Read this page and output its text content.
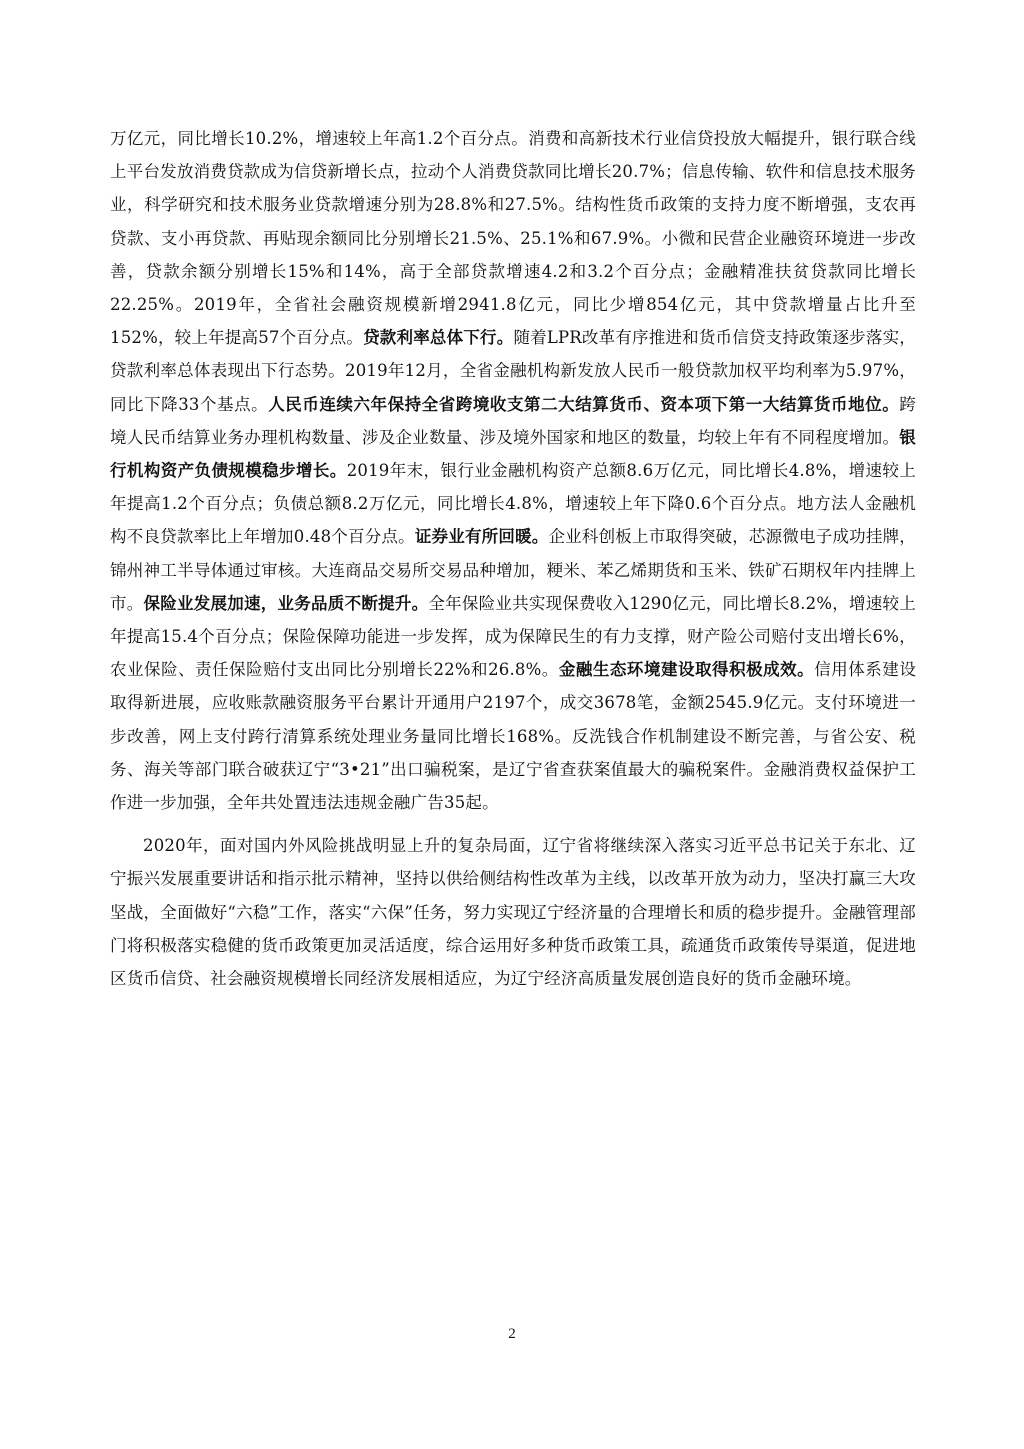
万亿元，同比增长10.2%，增速较上年高1.2个百分点。消费和高新技术行业信贷投放大幅提升，银行联合线上平台发放消费贷款成为信贷新增长点，拉动个人消费贷款同比增长20.7%；信息传输、软件和信息技术服务业，科学研究和技术服务业贷款增速分别为28.8%和27.5%。结构性货币政策的支持力度不断增强，支农再贷款、支小再贷款、再贴现余额同比分别增长21.5%、25.1%和67.9%。小微和民营企业融资环境进一步改善，贷款余额分别增长15%和14%，高于全部贷款增速4.2和3.2个百分点；金融精准扶贫贷款同比增长22.25%。2019年，全省社会融资规模新增2941.8亿元，同比少增854亿元，其中贷款增量占比升至152%，较上年提高57个百分点。贷款利率总体下行。随着LPR改革有序推进和货币信贷支持政策逐步落实，贷款利率总体表现出下行态势。2019年12月，全省金融机构新发放人民币一般贷款加权平均利率为5.97%，同比下降33个基点。人民币连续六年保持全省跨境收支第二大结算货币、资本项下第一大结算货币地位。跨境人民币结算业务办理机构数量、涉及企业数量、涉及境外国家和地区的数量，均较上年有不同程度增加。银行机构资产负债规模稳步增长。2019年末，银行业金融机构资产总额8.6万亿元，同比增长4.8%，增速较上年提高1.2个百分点；负债总额8.2万亿元，同比增长4.8%，增速较上年下降0.6个百分点。地方法人金融机构不良贷款率比上年增加0.48个百分点。证券业有所回暖。企业科创板上市取得突破，芯源微电子成功挂牌，锦州神工半导体通过审核。大连商品交易所交易品种增加，粳米、苯乙烯期货和玉米、铁矿石期权年内挂牌上市。保险业发展加速，业务品质不断提升。全年保险业共实现保费收入1290亿元，同比增长8.2%，增速较上年提高15.4个百分点；保险保障功能进一步发挥，成为保障民生的有力支撑，财产险公司赔付支出增长6%，农业保险、责任保险赔付支出同比分别增长22%和26.8%。金融生态环境建设取得积极成效。信用体系建设取得新进展，应收账款融资服务平台累计开通用户2197个，成交3678笔，金额2545.9亿元。支付环境进一步改善，网上支付跨行清算系统处理业务量同比增长168%。反洗钱合作机制建设不断完善，与省公安、税务、海关等部门联合破获辽宁“3•21”出口骗税案，是辽宁省查获案值最大的骗税案件。金融消费权益保护工作进一步加强，全年共处置违法违规金融广告35起。

2020年，面对国内外风险挑战明显上升的复杂局面，辽宁省将继续深入落实习近平总书记关于东北、辽宁振兴发展重要讲话和指示批示精神，坚持以供给侧结构性改革为主线，以改革开放为动力，坚决打赢三大攻坚战，全面做好“六稳”工作，落实“六保”任务，努力实现辽宁经济量的合理增长和质的稳步提升。金融管理部门将积极落实稳健的货币政策更加灵活适度，综合运用好多种货币政策工具，疏通货币政策传导渠道，促进地区货币信贷、社会融资规模增长同经济发展相适应，为辽宁经济高质量发展创造良好的货币金融环境。

2
